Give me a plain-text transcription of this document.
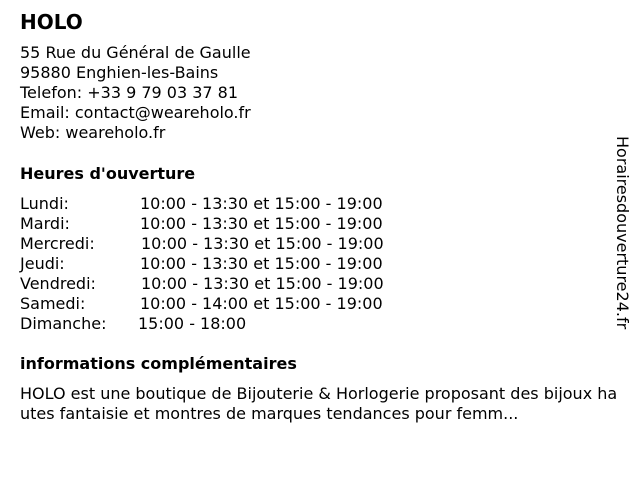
HOLO
55 Rue du Général de Gaulle
95880 Enghien-les-Bains
Telefon: +33 9 79 03 37 81
Email: contact@weareholo.fr
Web: weareholo.fr
Heures d'ouverture
Lundi:	10:00 - 13:30 et 15:00 - 19:00
Mardi:	10:00 - 13:30 et 15:00 - 19:00
Mercredi:	10:00 - 13:30 et 15:00 - 19:00
Jeudi:	10:00 - 13:30 et 15:00 - 19:00
Vendredi:	10:00 - 13:30 et 15:00 - 19:00
Samedi:	10:00 - 14:00 et 15:00 - 19:00
Dimanche:	15:00 - 18:00
informations complémentaires
HOLO est une boutique de Bijouterie & Horlogerie proposant des bijoux hautes fantaisie et montres de marques tendances pour femm...
Horairesdouverture24.fr
